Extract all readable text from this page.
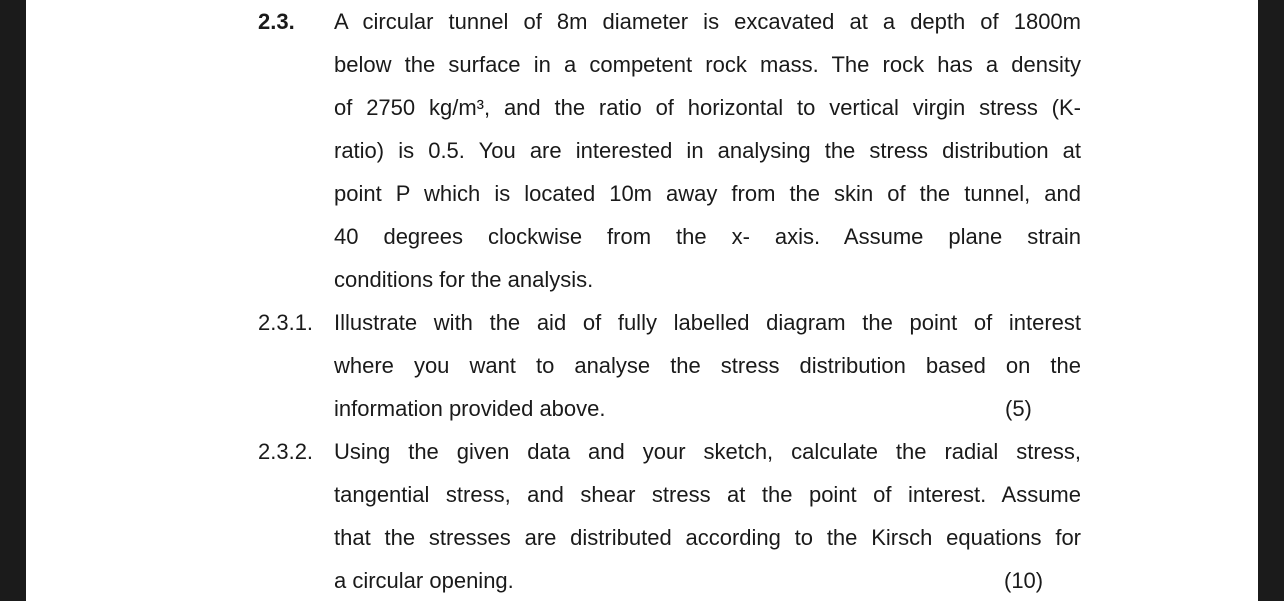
2.3. A circular tunnel of 8m diameter is excavated at a depth of 1800m
below the surface in a competent rock mass. The rock has a density
of 2750 kg/m³, and the ratio of horizontal to vertical virgin stress (K-
ratio) is 0.5. You are interested in analysing the stress distribution at
point P which is located 10m away from the skin of the tunnel, and
40 degrees clockwise from the x- axis. Assume plane strain
conditions for the analysis.
2.3.1. Illustrate with the aid of fully labelled diagram the point of interest
where you want to analyse the stress distribution based on the
information provided above.	(5)
2.3.2. Using the given data and your sketch, calculate the radial stress,
tangential stress, and shear stress at the point of interest. Assume
that the stresses are distributed according to the Kirsch equations for
a circular opening.	(10)
